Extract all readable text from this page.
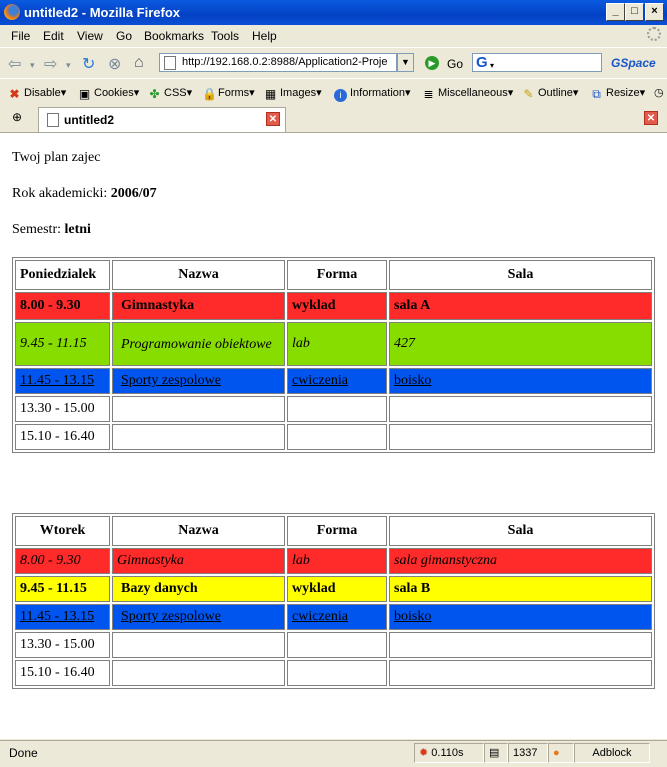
untitled2 - Mozilla Firefox	_	□	×
File Edit View Go Bookmarks Tools Help
⇦ ▾ ⇨ ▾ ↻ ⊗ ⌂	http://192.168.0.2:8988/Application2-Proje	▼	▶ Go G ▾	GSpace
✖ Disable▾ ▣ Cookies▾ ✤ CSS▾ 🔒Forms▾ ▦ Images▾	i Information▾ ≣ Miscellaneous▾ ✎ Outline▾ ⧉ Resize▾ ◷
⊕	untitled2	✕	✕
Twoj plan zajec
Rok akademicki: 2006/07
Semestr: letni
Poniedzialek	Nazwa	Forma	Sala
8.00 - 9.30	Gimnastyka	wyklad	sala A
9.45 - 11.15	Programowanie obiektowe	lab	427
11.45 - 13.15	Sporty zespolowe	cwiczenia	boisko
13.30 - 15.00			
15.10 - 16.40			
Wtorek	Nazwa	Forma	Sala
8.00 - 9.30	Gimnastyka	lab	sala gimanstyczna
9.45 - 11.15	Bazy danych	wyklad	sala B
11.45 - 13.15	Sporty zespolowe	cwiczenia	boisko
13.30 - 15.00			
15.10 - 16.40			
Done	✹ 0.110s	▤	1337	●	Adblock
